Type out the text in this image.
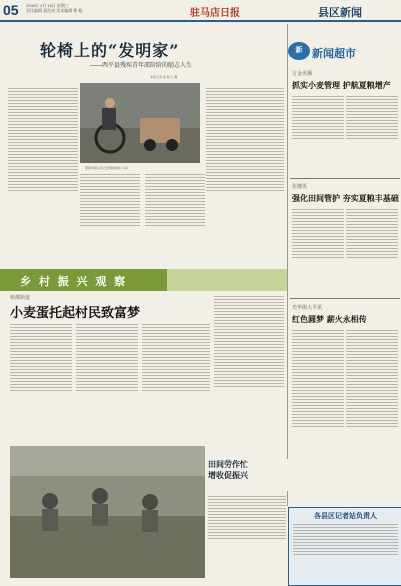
05 2006年 3月 15日 星期三
责任编辑 聂浩泉 美术编辑 徐 聪	驻马店日报	县区新闻
轮椅上的“发明家”
——西平县残疾青年邵阶阶的励志人生
本报记者 徐 斯 仁 摄
邵阶阶展示自己发明的电动 门功
新 新闻超市
方金讯播
抓实小麦管理 护航夏粮增产
张楼讯
强化田间管护 夯实夏粮丰基础
光华街大平讯
红色圆梦 薪火永相传
乡 村 振 兴 观 察
榜都街道
小麦蛋托起村民致富梦
田间劳作忙
增收促振兴
各县区记者站负责人
